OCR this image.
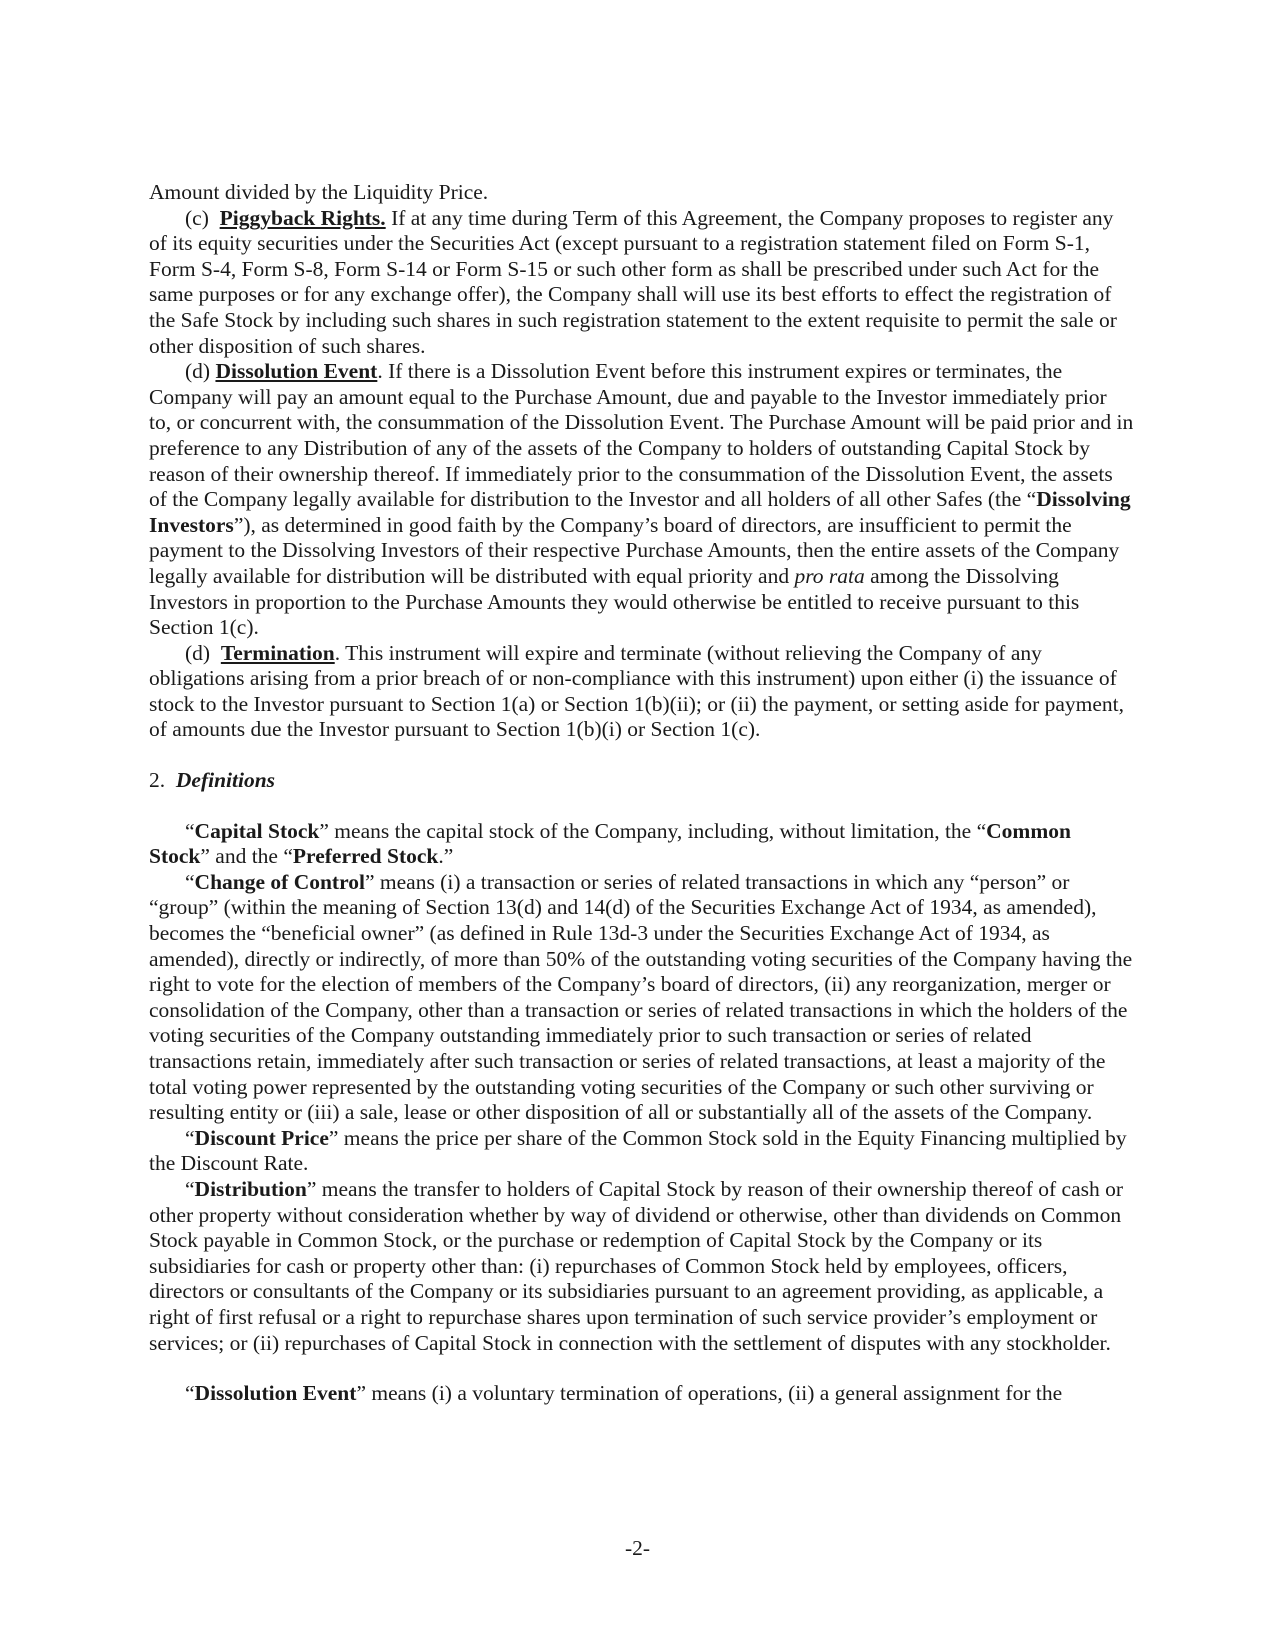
Amount divided by the Liquidity Price.

(c) Piggyback Rights. If at any time during Term of this Agreement, the Company proposes to register any of its equity securities under the Securities Act (except pursuant to a registration statement filed on Form S-1, Form S-4, Form S-8, Form S-14 or Form S-15 or such other form as shall be prescribed under such Act for the same purposes or for any exchange offer), the Company shall will use its best efforts to effect the registration of the Safe Stock by including such shares in such registration statement to the extent requisite to permit the sale or other disposition of such shares.

(d) Dissolution Event. If there is a Dissolution Event before this instrument expires or terminates, the Company will pay an amount equal to the Purchase Amount, due and payable to the Investor immediately prior to, or concurrent with, the consummation of the Dissolution Event. The Purchase Amount will be paid prior and in preference to any Distribution of any of the assets of the Company to holders of outstanding Capital Stock by reason of their ownership thereof. If immediately prior to the consummation of the Dissolution Event, the assets of the Company legally available for distribution to the Investor and all holders of all other Safes (the “Dissolving Investors”), as determined in good faith by the Company’s board of directors, are insufficient to permit the payment to the Dissolving Investors of their respective Purchase Amounts, then the entire assets of the Company legally available for distribution will be distributed with equal priority and pro rata among the Dissolving Investors in proportion to the Purchase Amounts they would otherwise be entitled to receive pursuant to this Section 1(c).

(d) Termination. This instrument will expire and terminate (without relieving the Company of any obligations arising from a prior breach of or non-compliance with this instrument) upon either (i) the issuance of stock to the Investor pursuant to Section 1(a) or Section 1(b)(ii); or (ii) the payment, or setting aside for payment, of amounts due the Investor pursuant to Section 1(b)(i) or Section 1(c).

2. Definitions

“Capital Stock” means the capital stock of the Company, including, without limitation, the “Common Stock” and the “Preferred Stock.”

“Change of Control” means (i) a transaction or series of related transactions in which any “person” or “group” (within the meaning of Section 13(d) and 14(d) of the Securities Exchange Act of 1934, as amended), becomes the “beneficial owner” (as defined in Rule 13d-3 under the Securities Exchange Act of 1934, as amended), directly or indirectly, of more than 50% of the outstanding voting securities of the Company having the right to vote for the election of members of the Company’s board of directors, (ii) any reorganization, merger or consolidation of the Company, other than a transaction or series of related transactions in which the holders of the voting securities of the Company outstanding immediately prior to such transaction or series of related transactions retain, immediately after such transaction or series of related transactions, at least a majority of the total voting power represented by the outstanding voting securities of the Company or such other surviving or resulting entity or (iii) a sale, lease or other disposition of all or substantially all of the assets of the Company.

“Discount Price” means the price per share of the Common Stock sold in the Equity Financing multiplied by the Discount Rate.

“Distribution” means the transfer to holders of Capital Stock by reason of their ownership thereof of cash or other property without consideration whether by way of dividend or otherwise, other than dividends on Common Stock payable in Common Stock, or the purchase or redemption of Capital Stock by the Company or its subsidiaries for cash or property other than: (i) repurchases of Common Stock held by employees, officers, directors or consultants of the Company or its subsidiaries pursuant to an agreement providing, as applicable, a right of first refusal or a right to repurchase shares upon termination of such service provider’s employment or services; or (ii) repurchases of Capital Stock in connection with the settlement of disputes with any stockholder.

“Dissolution Event” means (i) a voluntary termination of operations, (ii) a general assignment for the

-2-
